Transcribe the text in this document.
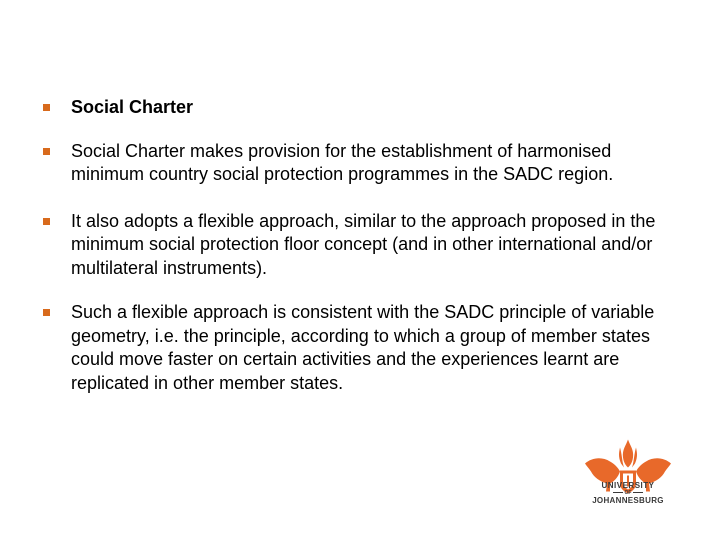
Social Charter
Social Charter makes provision for the establishment of harmonised minimum country social protection programmes in the SADC region.
It also adopts a flexible approach, similar to the approach proposed in the minimum social protection floor concept (and in other international and/or multilateral instruments).
Such a flexible approach is consistent with the SADC principle of variable geometry, i.e. the principle, according to which a group of member states could move faster on certain activities and the experiences learnt are replicated in other member states.
UNIVERSITY
OF
JOHANNESBURG
